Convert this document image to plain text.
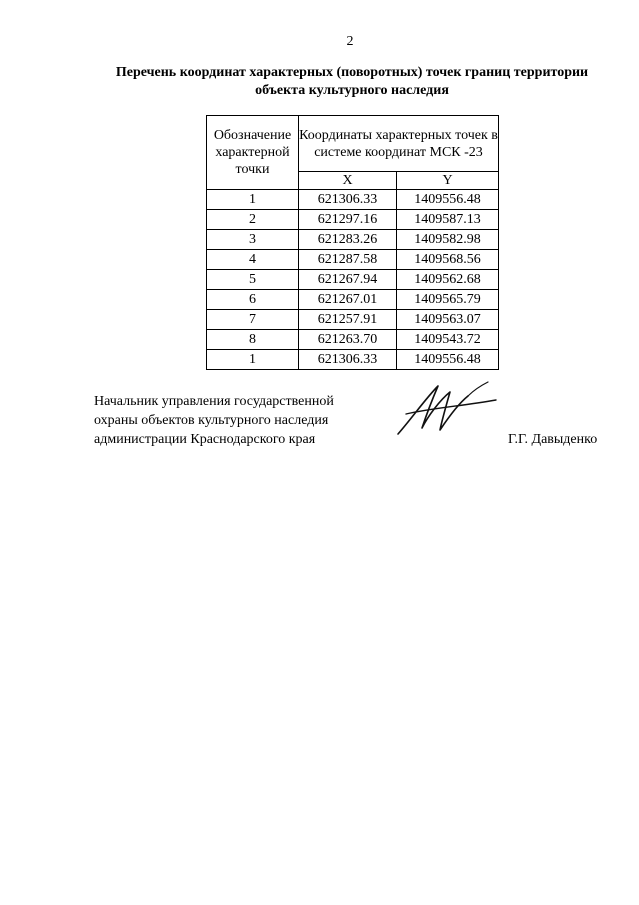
2
Перечень координат характерных (поворотных) точек границ территории объекта культурного наследия
Обозначение характерной точки	Координаты характерных точек в системе координат МСК -23	
	X	Y
1	621306.33	1409556.48
2	621297.16	1409587.13
3	621283.26	1409582.98
4	621287.58	1409568.56
5	621267.94	1409562.68
6	621267.01	1409565.79
7	621257.91	1409563.07
8	621263.70	1409543.72
1	621306.33	1409556.48
Начальник управления государственной
охраны объектов культурного наследия
администрации Краснодарского края	Г.Г. Давыденко
